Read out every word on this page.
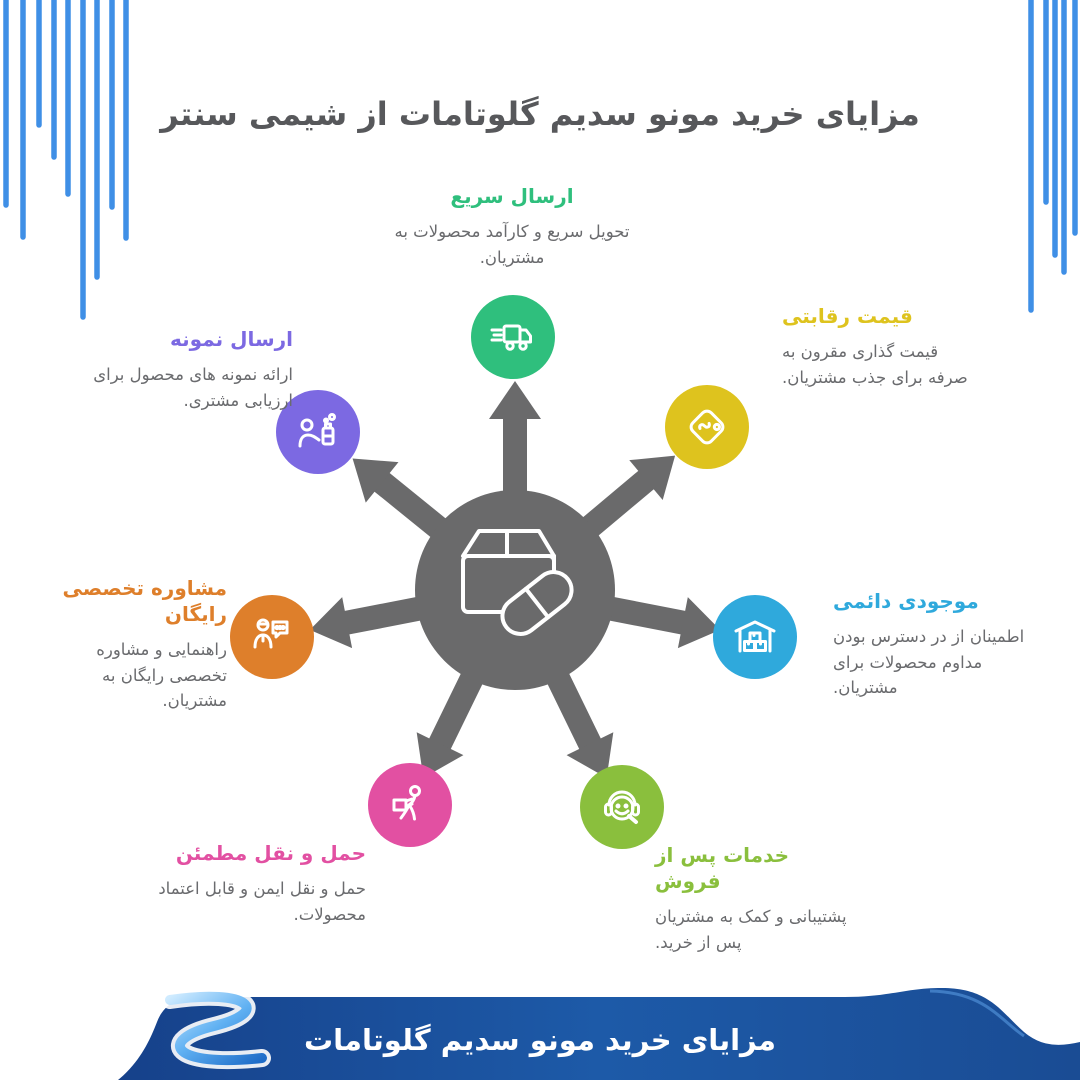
مزایای خرید مونو سدیم گلوتامات از شیمی سنتر
ارسال سریع
تحویل سریع و کارآمد محصولات به مشتریان.
قیمت رقابتی
قیمت گذاری مقرون به صرفه برای جذب مشتریان.
موجودی دائمی
اطمینان از در دسترس بودن مداوم محصولات برای مشتریان.
خدمات پس از فروش
پشتیبانی و کمک به مشتریان پس از خرید.
حمل و نقل مطمئن
حمل و نقل ایمن و قابل اعتماد محصولات.
مشاوره تخصصی رایگان
راهنمایی و مشاوره تخصصی رایگان به مشتریان.
ارسال نمونه
ارائه نمونه های محصول برای ارزیابی مشتری.
مزایای خرید مونو سدیم گلوتامات
